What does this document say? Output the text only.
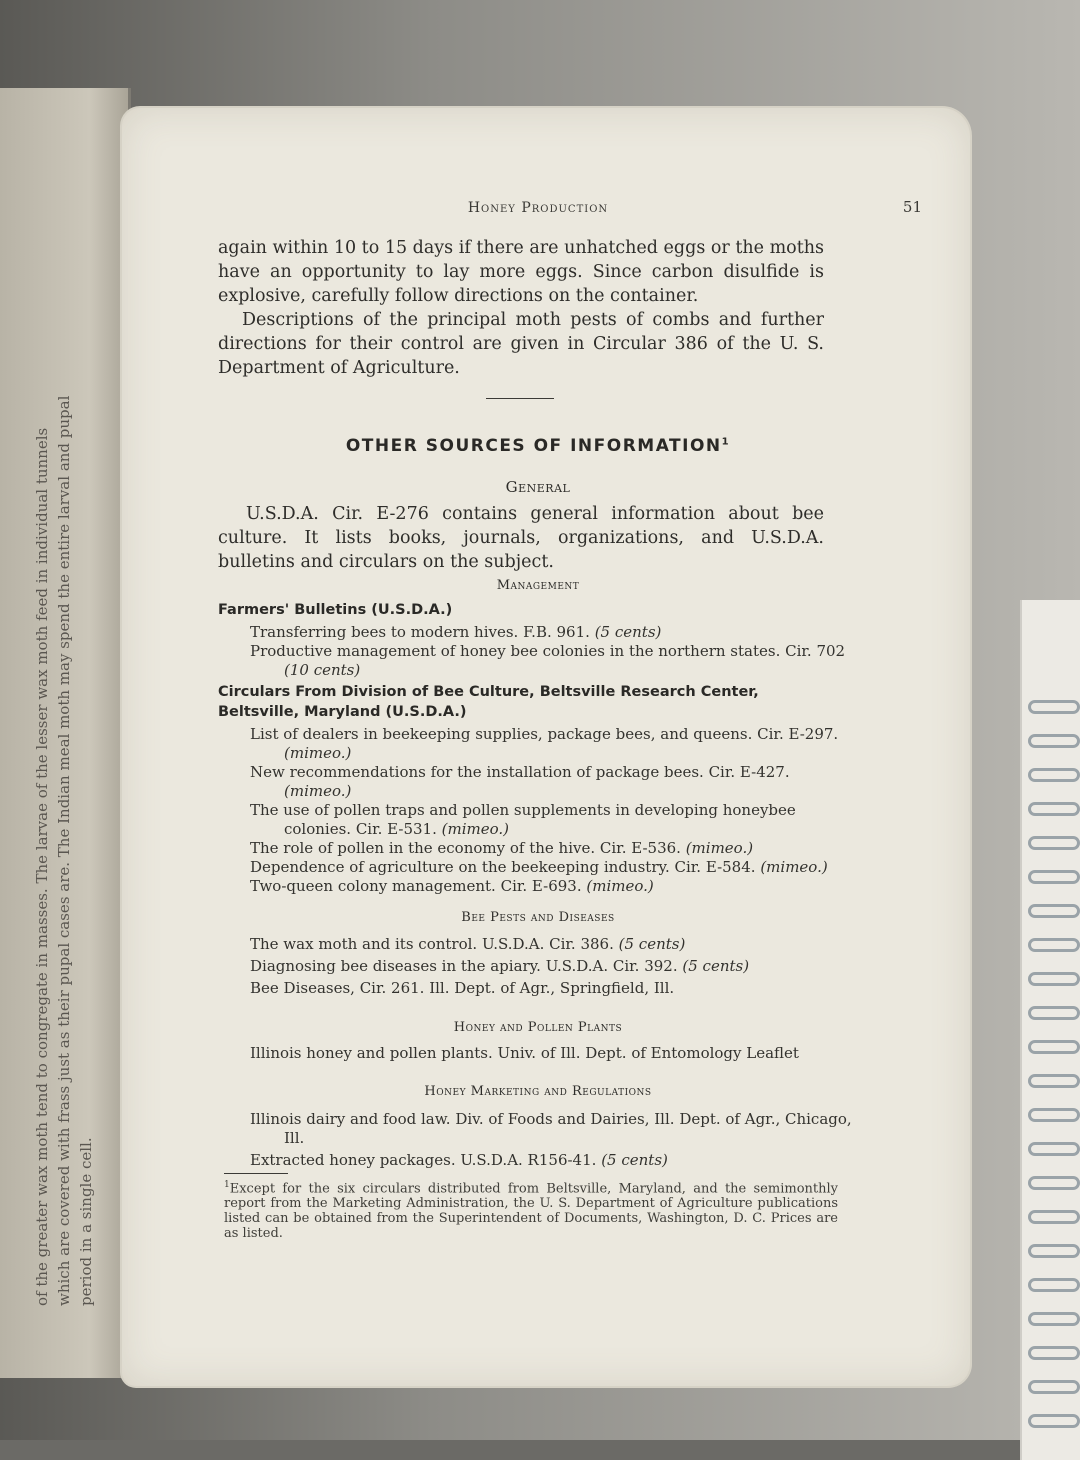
of the greater wax moth tend to congregate in masses. The larvae of the lesser wax moth feed in individual tunnels which are covered with frass just as their pupal cases are. The Indian meal moth may spend the entire larval and pupal period in a single cell.
Honey Production	51
again within 10 to 15 days if there are unhatched eggs or the moths have an opportunity to lay more eggs. Since carbon disulfide is explosive, carefully follow directions on the container.
Descriptions of the principal moth pests of combs and further directions for their control are given in Circular 386 of the U. S. Department of Agriculture.
OTHER SOURCES OF INFORMATION$^1$
General
U.S.D.A. Cir. E-276 contains general information about bee culture. It lists books, journals, organizations, and U.S.D.A. bulletins and circulars on the subject.
Management
Farmers' Bulletins (U.S.D.A.)
Transferring bees to modern hives. F.B. 961. (5 cents)
Productive management of honey bee colonies in the northern states. Cir. 702 (10 cents)
Circulars From Division of Bee Culture, Beltsville Research Center, Beltsville, Maryland (U.S.D.A.)
List of dealers in beekeeping supplies, package bees, and queens. Cir. E-297. (mimeo.)
New recommendations for the installation of package bees. Cir. E-427. (mimeo.)
The use of pollen traps and pollen supplements in developing honeybee colonies. Cir. E-531. (mimeo.)
The role of pollen in the economy of the hive. Cir. E-536. (mimeo.)
Dependence of agriculture on the beekeeping industry. Cir. E-584. (mimeo.)
Two-queen colony management. Cir. E-693. (mimeo.)
Bee Pests and Diseases
The wax moth and its control. U.S.D.A. Cir. 386. (5 cents)
Diagnosing bee diseases in the apiary. U.S.D.A. Cir. 392. (5 cents)
Bee Diseases, Cir. 261. Ill. Dept. of Agr., Springfield, Ill.
Honey and Pollen Plants
Illinois honey and pollen plants. Univ. of Ill. Dept. of Entomology Leaflet
Honey Marketing and Regulations
Illinois dairy and food law. Div. of Foods and Dairies, Ill. Dept. of Agr., Chicago, Ill.
Extracted honey packages. U.S.D.A. R156-41. (5 cents)
$^1$Except for the six circulars distributed from Beltsville, Maryland, and the semimonthly report from the Marketing Administration, the U. S. Department of Agriculture publications listed can be obtained from the Superintendent of Documents, Washington, D. C. Prices are as listed.
